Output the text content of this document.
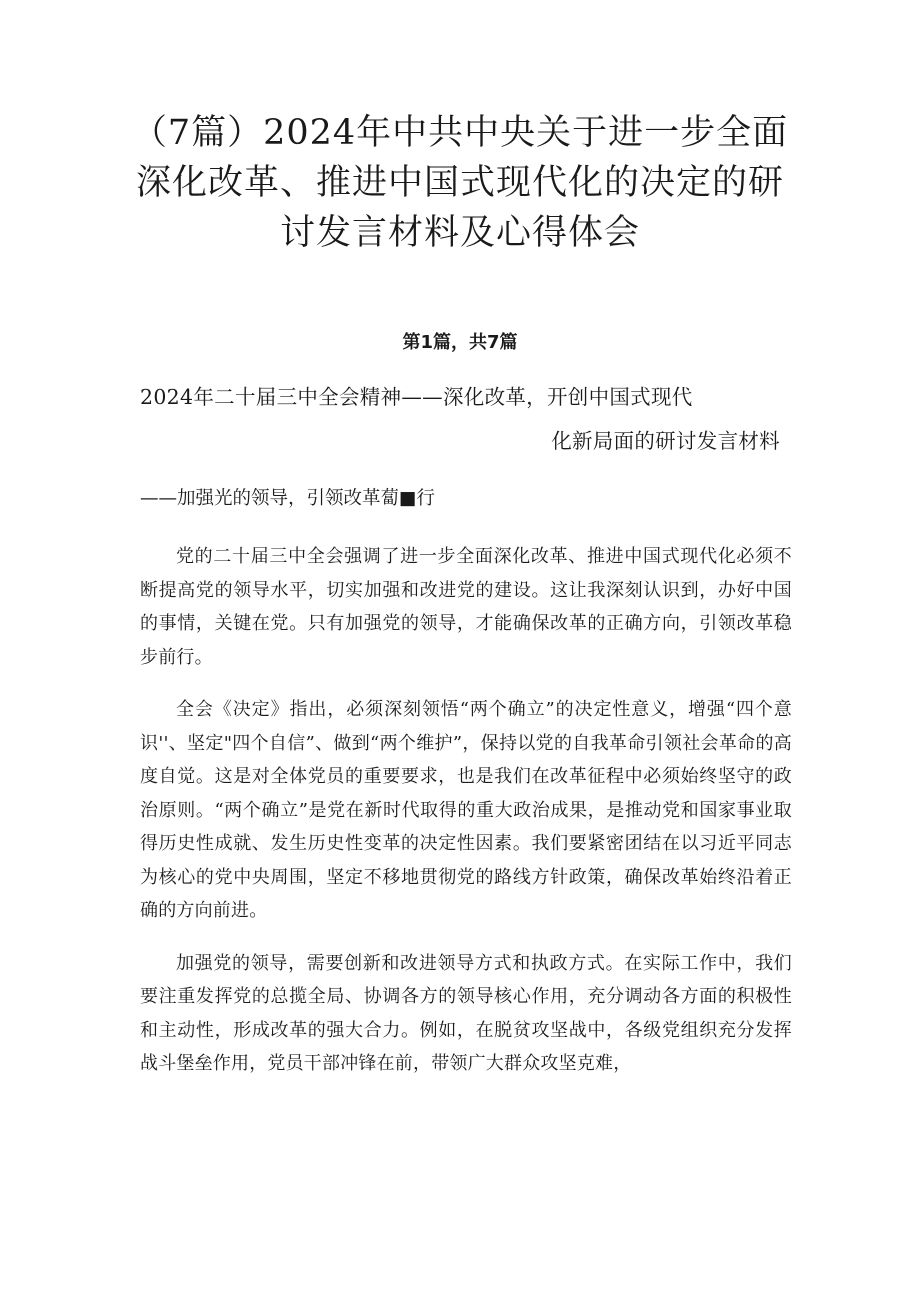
（7篇）2024年中共中央关于进一步全面深化改革、推进中国式现代化的决定的研讨发言材料及心得体会
第1篇，共7篇
2024年二十届三中全会精神——深化改革，开创中国式现代
化新局面的研讨发言材料
——加强光的领导，引领改革蔔■行

党的二十届三中全会强调了进一步全面深化改革、推进中国式现代化必须不断提高党的领导水平，切实加强和改进党的建设。这让我深刻认识到，办好中国的事情，关键在党。只有加强党的领导，才能确保改革的正确方向，引领改革稳步前行。

全会《决定》指出，必须深刻领悟“两个确立”的决定性意义，增强“四个意识''、坚定"四个自信”、做到“两个维护”，保持以党的自我革命引领社会革命的高度自觉。这是对全体党员的重要要求，也是我们在改革征程中必须始终坚守的政治原则。“两个确立”是党在新时代取得的重大政治成果，是推动党和国家事业取得历史性成就、发生历史性变革的决定性因素。我们要紧密团结在以习近平同志为核心的党中央周围，坚定不移地贯彻党的路线方针政策，确保改革始终沿着正确的方向前进。

加强党的领导，需要创新和改进领导方式和执政方式。在实际工作中，我们要注重发挥党的总揽全局、协调各方的领导核心作用，充分调动各方面的积极性和主动性，形成改革的强大合力。例如，在脱贫攻坚战中，各级党组织充分发挥战斗堡垒作用，党员干部冲锋在前，带领广大群众攻坚克难，
